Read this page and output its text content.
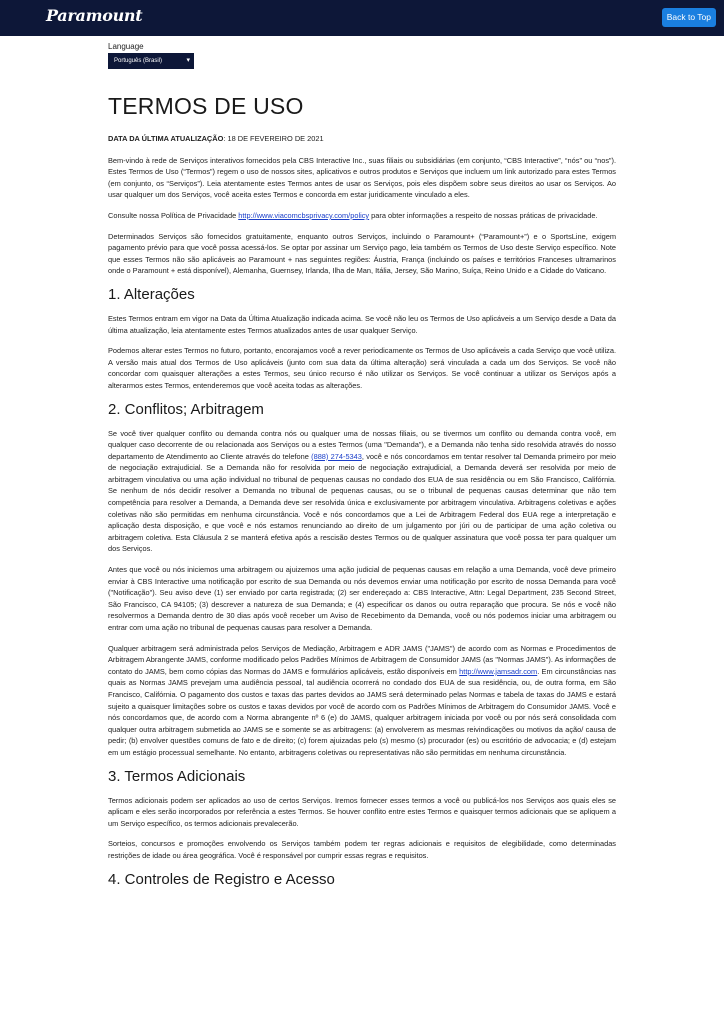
Paramount	Back to Top
Language
Português (Brasil)	▾
TERMOS DE USO

DATA DA ÚLTIMA ATUALIZAÇÃO: 18 DE FEVEREIRO DE 2021

Bem-vindo à rede de Serviços interativos fornecidos pela CBS Interactive Inc., suas filiais ou subsidiárias (em conjunto, “CBS Interactive”, “nós” ou “nos”). Estes Termos de Uso (“Termos”) regem o uso de nossos sites, aplicativos e outros produtos e Serviços que incluem um link autorizado para estes Termos (em conjunto, os “Serviços”). Leia atentamente estes Termos antes de usar os Serviços, pois eles dispõem sobre seus direitos ao usar os Serviços. Ao usar qualquer um dos Serviços, você aceita estes Termos e concorda em estar juridicamente vinculado a eles.

Consulte nossa Política de Privacidade http://www.viacomcbsprivacy.com/policy para obter informações a respeito de nossas práticas de privacidade.

Determinados Serviços são fornecidos gratuitamente, enquanto outros Serviços, incluindo o Paramount+ (“Paramount+”) e o SportsLine, exigem pagamento prévio para que você possa acessá-los. Se optar por assinar um Serviço pago, leia também os Termos de Uso deste Serviço específico. Note que esses Termos não são aplicáveis ao Paramount + nas seguintes regiões: Áustria, França (incluindo os países e territórios Franceses ultramarinos onde o Paramount + está disponível), Alemanha, Guernsey, Irlanda, Ilha de Man, Itália, Jersey, São Marino, Suíça, Reino Unido e a Cidade do Vaticano.

1. Alterações

Estes Termos entram em vigor na Data da Última Atualização indicada acima. Se você não leu os Termos de Uso aplicáveis a um Serviço desde a Data da última atualização, leia atentamente estes Termos atualizados antes de usar qualquer Serviço.

Podemos alterar estes Termos no futuro, portanto, encorajamos você a rever periodicamente os Termos de Uso aplicáveis a cada Serviço que você utiliza. A versão mais atual dos Termos de Uso aplicáveis (junto com sua data da última alteração) será vinculada a cada um dos Serviços. Se você não concordar com quaisquer alterações a estes Termos, seu único recurso é não utilizar os Serviços. Se você continuar a utilizar os Serviços após a alterarmos estes Termos, entenderemos que você aceita todas as alterações.

2. Conflitos; Arbitragem

Se você tiver qualquer conflito ou demanda contra nós ou qualquer uma de nossas filiais, ou se tivermos um conflito ou demanda contra você, em qualquer caso decorrente de ou relacionada aos Serviços ou a estes Termos (uma "Demanda"), e a Demanda não tenha sido resolvida através do nosso departamento de Atendimento ao Cliente através do telefone (888) 274-5343, você e nós concordamos em tentar resolver tal Demanda primeiro por meio de negociação extrajudicial. Se a Demanda não for resolvida por meio de negociação extrajudicial, a Demanda deverá ser resolvida por meio de arbitragem vinculativa ou uma ação individual no tribunal de pequenas causas no condado dos EUA de sua residência ou em São Francisco, Califórnia. Se nenhum de nós decidir resolver a Demanda no tribunal de pequenas causas, ou se o tribunal de pequenas causas determinar que não tem competência para resolver a Demanda, a Demanda deve ser resolvida única e exclusivamente por arbitragem vinculativa. Arbitragens coletivas e ações coletivas não são permitidas em nenhuma circunstância. Você e nós concordamos que a Lei de Arbitragem Federal dos EUA rege a interpretação e aplicação desta disposição, e que você e nós estamos renunciando ao direito de um julgamento por júri ou de participar de uma ação coletiva ou arbitragem coletiva. Esta Cláusula 2 se manterá efetiva após a rescisão destes Termos ou de qualquer assinatura que você possa ter para qualquer um dos Serviços.

Antes que você ou nós iniciemos uma arbitragem ou ajuizemos uma ação judicial de pequenas causas em relação a uma Demanda, você deve primeiro enviar à CBS Interactive uma notificação por escrito de sua Demanda ou nós devemos enviar uma notificação por escrito de nossa Demanda para você ("Notificação"). Seu aviso deve (1) ser enviado por carta registrada; (2) ser endereçado a: CBS Interactive, Attn: Legal Department, 235 Second Street, São Francisco, CA 94105; (3) descrever a natureza de sua Demanda; e (4) especificar os danos ou outra reparação que procura. Se nós e você não resolvermos a Demanda dentro de 30 dias após você receber um Aviso de Recebimento da Demanda, você ou nós podemos iniciar uma arbitragem ou entrar com uma ação no tribunal de pequenas causas para resolver a Demanda.

Qualquer arbitragem será administrada pelos Serviços de Mediação, Arbitragem e ADR JAMS ("JAMS") de acordo com as Normas e Procedimentos de Arbitragem Abrangente JAMS, conforme modificado pelos Padrões Mínimos de Arbitragem de Consumidor JAMS (as "Normas JAMS"). As informações de contato do JAMS, bem como cópias das Normas do JAMS e formulários aplicáveis, estão disponíveis em http://www.jamsadr.com. Em circunstâncias nas quais as Normas JAMS prevejam uma audiência pessoal, tal audiência ocorrerá no condado dos EUA de sua residência, ou, de outra forma, em São Francisco, Califórnia. O pagamento dos custos e taxas das partes devidos ao JAMS será determinado pelas Normas e tabela de taxas do JAMS e estará sujeito a quaisquer limitações sobre os custos e taxas devidos por você de acordo com os Padrões Mínimos de Arbitragem do Consumidor JAMS. Você e nós concordamos que, de acordo com a Norma abrangente nº 6 (e) do JAMS, qualquer arbitragem iniciada por você ou por nós será consolidada com qualquer outra arbitragem submetida ao JAMS se e somente se as arbitragens: (a) envolverem as mesmas reivindicações ou motivos da ação/ causa de pedir; (b) envolver questões comuns de fato e de direito; (c) forem ajuizadas pelo (s) mesmo (s) procurador (es) ou escritório de advocacia; e (d) estejam em um estágio processual semelhante. No entanto, arbitragens coletivas ou representativas não são permitidas em nenhuma circunstância.

3. Termos Adicionais

Termos adicionais podem ser aplicados ao uso de certos Serviços. Iremos fornecer esses termos a você ou publicá-los nos Serviços aos quais eles se aplicam e eles serão incorporados por referência a estes Termos. Se houver conflito entre estes Termos e quaisquer termos adicionais que se apliquem a um Serviço específico, os termos adicionais prevalecerão.

Sorteios, concursos e promoções envolvendo os Serviços também podem ter regras adicionais e requisitos de elegibilidade, como determinadas restrições de idade ou área geográfica. Você é responsável por cumprir essas regras e requisitos.

4. Controles de Registro e Acesso
